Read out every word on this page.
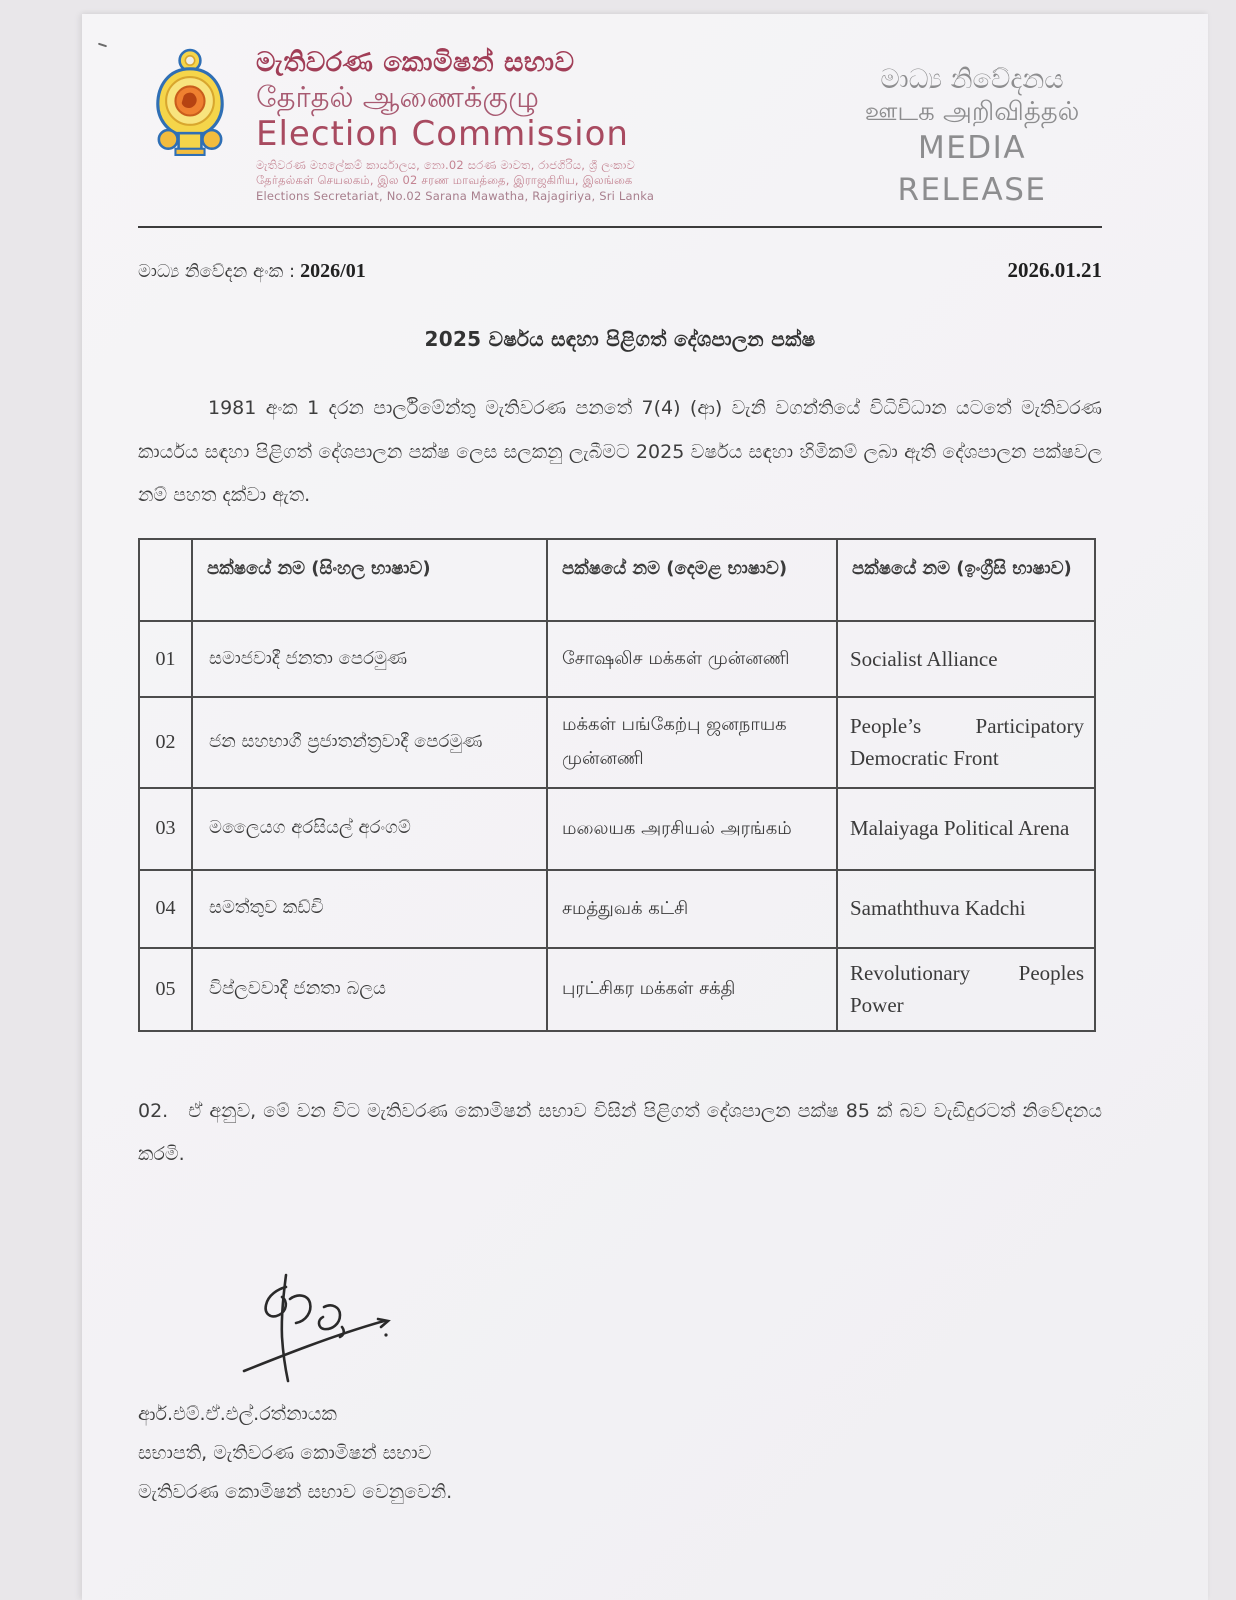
මැතිවරණ කොමිෂන් සභාව
தேர்தல் ஆணைக்குழு
Election Commission
මැතිවරණ මහලේකම් කාර්යාලය, නො.02 සරණ මාවත, රාජගිරිය, ශ්‍රී ලංකාව
தேர்தல்கள் செயலகம், இல 02 சரண மாவத்தை, இராஜகிரிய, இலங்கை
Elections Secretariat, No.02 Sarana Mawatha, Rajagiriya, Sri Lanka
මාධ්‍ය නිවේදනය
ஊடக அறிவித்தல்
MEDIA RELEASE
මාධ්‍ය නිවේදන අංක : 2026/01	2026.01.21
2025 වර්ෂය සඳහා පිළිගත් දේශපාලන පක්ෂ
1981 අංක 1 දරන පාර්ලිමේන්තු මැතිවරණ පනතේ 7(4) (ආ) වැනි වගන්තියේ විධිවිධාන යටතේ මැතිවරණ කාර්යය සඳහා පිළිගත් දේශපාලන පක්ෂ ලෙස සලකනු ලැබීමට 2025 වර්ෂය සඳහා හිමිකම් ලබා ඇති දේශපාලන පක්ෂවල නම් පහත දක්වා ඇත.
	පක්ෂයේ නම (සිංහල භාෂාව)	පක්ෂයේ නම (දෙමළ භාෂාව)	පක්ෂයේ නම (ඉංග්‍රීසි භාෂාව)
01	සමාජවාදී ජනතා පෙරමුණ	சோஷலிச மக்கள் முன்னணி	Socialist Alliance
02	ජන සහභාගී ප්‍රජාතන්ත්‍රවාදී පෙරමුණ	மக்கள் பங்கேற்பு ஜனநாயக முன்னணி	People’s Participatory Democratic Front
03	මලෛයග අරසියල් අරංගම්	மலையக அரசியல் அரங்கம்	Malaiyaga Political Arena
04	සමත්තුව කඩ්චි	சமத்துவக் கட்சி	Samaththuva Kadchi
05	විප්ලවවාදී ජනතා බලය	புரட்சிகர மக்கள் சக்தி	Revolutionary Peoples Power
02. ඒ අනුව, මේ වන විට මැතිවරණ කොමිෂන් සභාව විසින් පිළිගත් දේශපාලන පක්ෂ 85 ක් බව වැඩිදුරටත් නිවේදනය කරමි.
ආර්.එම්.ඒ.එල්.රත්නායක
සභාපති, මැතිවරණ කොමිෂන් සභාව
මැතිවරණ කොමිෂන් සභාව වෙනුවෙනි.
